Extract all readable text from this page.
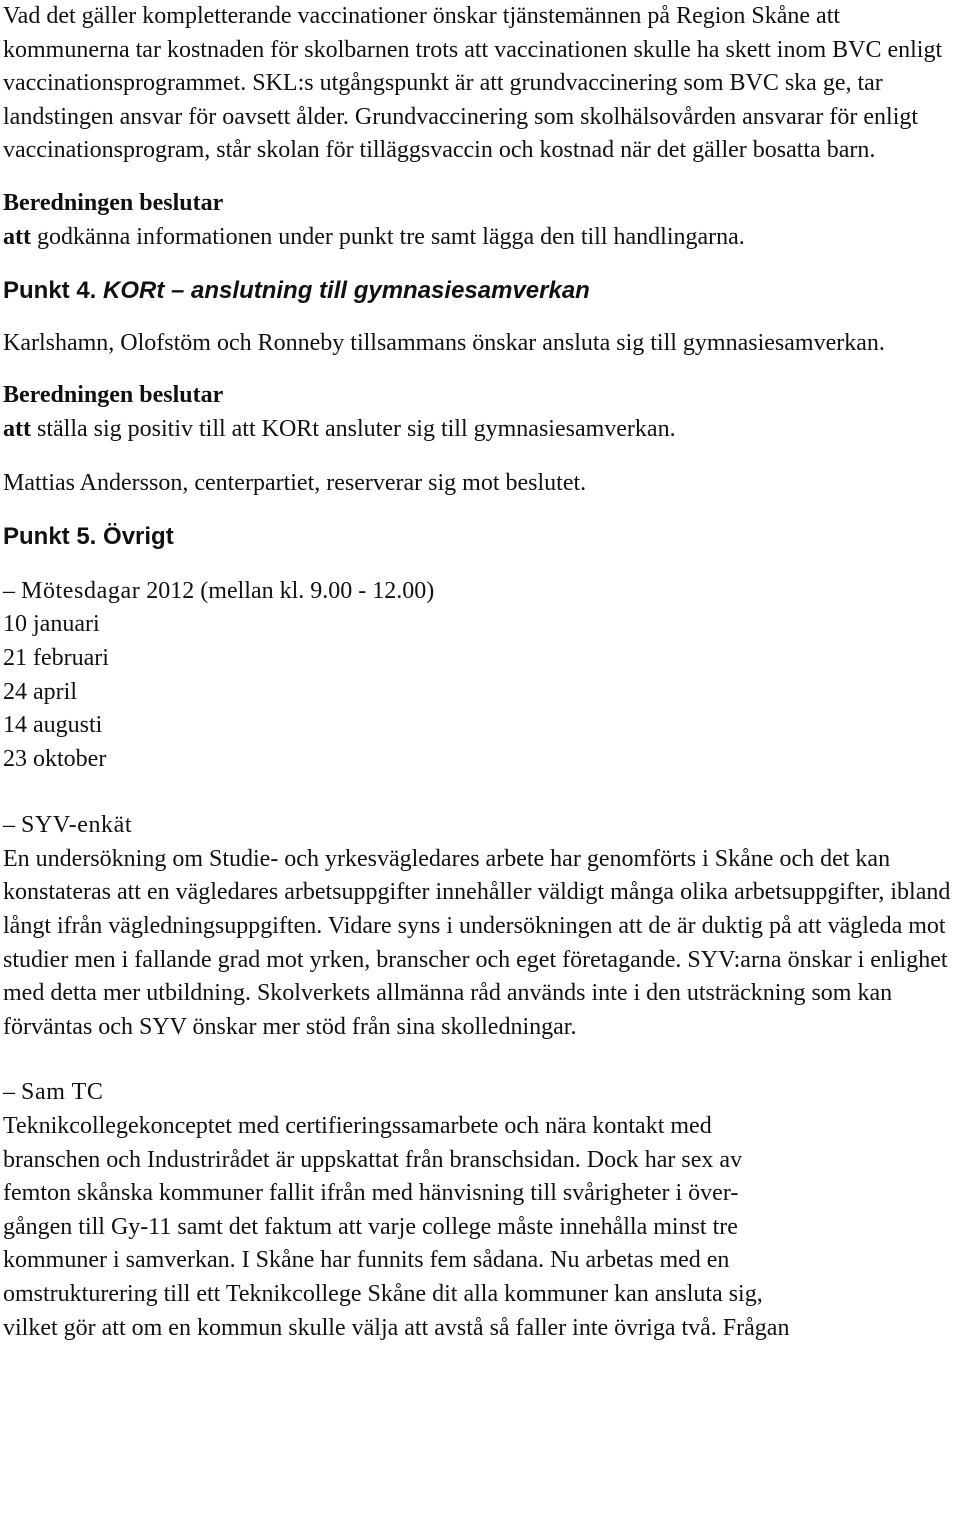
Vad det gäller kompletterande vaccinationer önskar tjänstemännen på Region Skåne att kommunerna tar kostnaden för skolbarnen trots att vaccinationen skulle ha skett inom BVC enligt vaccinationsprogrammet. SKL:s utgångspunkt är att grundvaccinering som BVC ska ge, tar landstingen ansvar för oavsett ålder. Grundvaccinering som skolhälsovården ansvarar för enligt vaccinationsprogram, står skolan för tilläggsvaccin och kostnad när det gäller bosatta barn.

Beredningen beslutar

att godkänna informationen under punkt tre samt lägga den till handlingarna.

Punkt 4. KORt – anslutning till gymnasiesamverkan

Karlshamn, Olofstöm och Ronneby tillsammans önskar ansluta sig till gymnasiesamverkan.

Beredningen beslutar

att ställa sig positiv till att KORt ansluter sig till gymnasiesamverkan.

Mattias Andersson, centerpartiet, reserverar sig mot beslutet.

Punkt 5. Övrigt

– Mötesdagar 2012 (mellan kl. 9.00 - 12.00)

10 januari

21 februari

24 april

14 augusti

23 oktober

– SYV-enkät

En undersökning om Studie- och yrkesvägledares arbete har genomförts i Skåne och det kan konstateras att en vägledares arbetsuppgifter innehåller väldigt många olika arbetsuppgifter, ibland långt ifrån vägledningsuppgiften. Vidare syns i undersökningen att de är duktig på att vägleda mot studier men i fallande grad mot yrken, branscher och eget företagande. SYV:arna önskar i enlighet med detta mer utbildning. Skolverkets allmänna råd används inte i den utsträckning som kan förväntas och SYV önskar mer stöd från sina skolledningar.

– Sam TC

Teknikcollegekonceptet med certifieringssamarbete och nära kontakt med

branschen och Industrirådet är uppskattat från branschsidan. Dock har sex av

femton skånska kommuner fallit ifrån med hänvisning till svårigheter i över-

gången till Gy-11 samt det faktum att varje college måste innehålla minst tre

kommuner i samverkan. I Skåne har funnits fem sådana. Nu arbetas med en

omstrukturering till ett Teknikcollege Skåne dit alla kommuner kan ansluta sig,

vilket gör att om en kommun skulle välja att avstå så faller inte övriga två. Frågan
